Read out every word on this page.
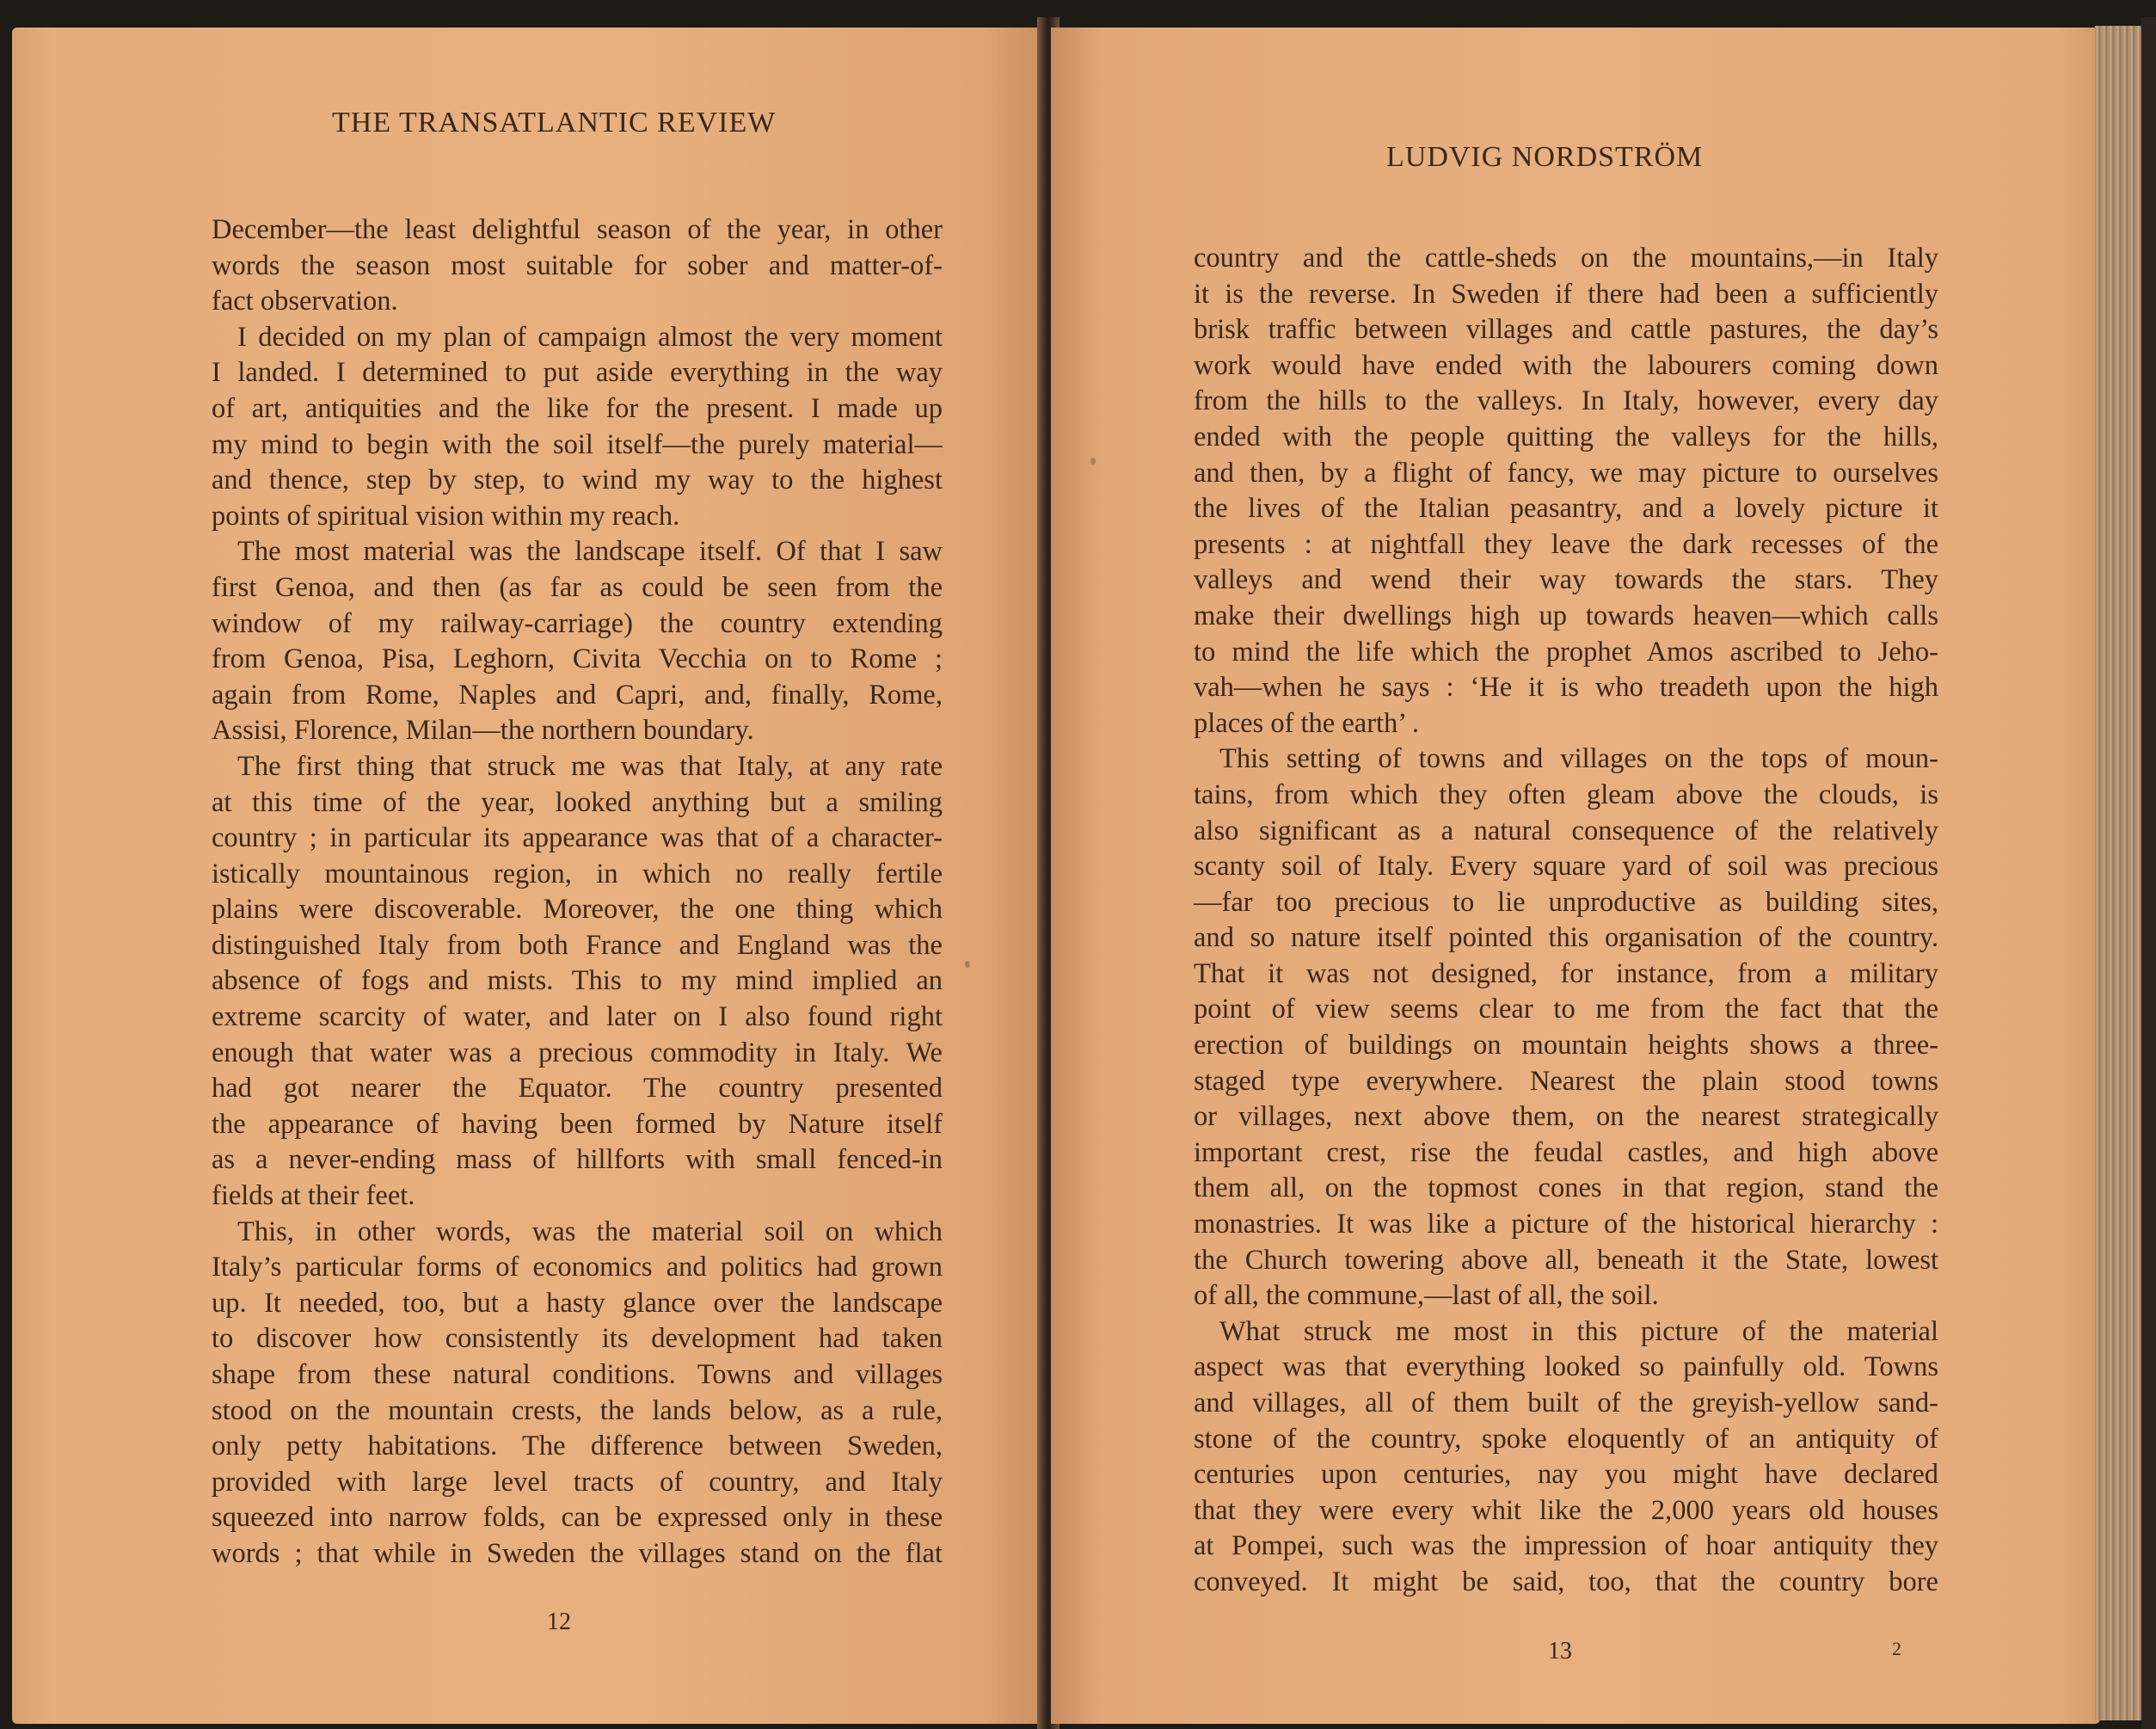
THE TRANSATLANTIC REVIEW
December—the least delightful season of the year, in other
words the season most suitable for sober and matter-of-
fact observation.
I decided on my plan of campaign almost the very moment
I landed. I determined to put aside everything in the way
of art, antiquities and the like for the present. I made up
my mind to begin with the soil itself—the purely material—
and thence, step by step, to wind my way to the highest
points of spiritual vision within my reach.
The most material was the landscape itself. Of that I saw
first Genoa, and then (as far as could be seen from the
window of my railway-carriage) the country extending
from Genoa, Pisa, Leghorn, Civita Vecchia on to Rome ;
again from Rome, Naples and Capri, and, finally, Rome,
Assisi, Florence, Milan—the northern boundary.
The first thing that struck me was that Italy, at any rate
at this time of the year, looked anything but a smiling
country ; in particular its appearance was that of a character-
istically mountainous region, in which no really fertile
plains were discoverable. Moreover, the one thing which
distinguished Italy from both France and England was the
absence of fogs and mists. This to my mind implied an
extreme scarcity of water, and later on I also found right
enough that water was a precious commodity in Italy. We
had got nearer the Equator. The country presented
the appearance of having been formed by Nature itself
as a never-ending mass of hillforts with small fenced-in
fields at their feet.
This, in other words, was the material soil on which
Italy’s particular forms of economics and politics had grown
up. It needed, too, but a hasty glance over the landscape
to discover how consistently its development had taken
shape from these natural conditions. Towns and villages
stood on the mountain crests, the lands below, as a rule,
only petty habitations. The difference between Sweden,
provided with large level tracts of country, and Italy
squeezed into narrow folds, can be expressed only in these
words ; that while in Sweden the villages stand on the flat
12
LUDVIG NORDSTRÖM
country and the cattle-sheds on the mountains,—in Italy
it is the reverse. In Sweden if there had been a sufficiently
brisk traffic between villages and cattle pastures, the day’s
work would have ended with the labourers coming down
from the hills to the valleys. In Italy, however, every day
ended with the people quitting the valleys for the hills,
and then, by a flight of fancy, we may picture to ourselves
the lives of the Italian peasantry, and a lovely picture it
presents : at nightfall they leave the dark recesses of the
valleys and wend their way towards the stars. They
make their dwellings high up towards heaven—which calls
to mind the life which the prophet Amos ascribed to Jeho-
vah—when he says : ‘He it is who treadeth upon the high
places of the earth’ .
This setting of towns and villages on the tops of moun-
tains, from which they often gleam above the clouds, is
also significant as a natural consequence of the relatively
scanty soil of Italy. Every square yard of soil was precious
—far too precious to lie unproductive as building sites,
and so nature itself pointed this organisation of the country.
That it was not designed, for instance, from a military
point of view seems clear to me from the fact that the
erection of buildings on mountain heights shows a three-
staged type everywhere. Nearest the plain stood towns
or villages, next above them, on the nearest strategically
important crest, rise the feudal castles, and high above
them all, on the topmost cones in that region, stand the
monastries. It was like a picture of the historical hierarchy :
the Church towering above all, beneath it the State, lowest
of all, the commune,—last of all, the soil.
What struck me most in this picture of the material
aspect was that everything looked so painfully old. Towns
and villages, all of them built of the greyish-yellow sand-
stone of the country, spoke eloquently of an antiquity of
centuries upon centuries, nay you might have declared
that they were every whit like the 2,000 years old houses
at Pompei, such was the impression of hoar antiquity they
conveyed. It might be said, too, that the country bore
13	2
